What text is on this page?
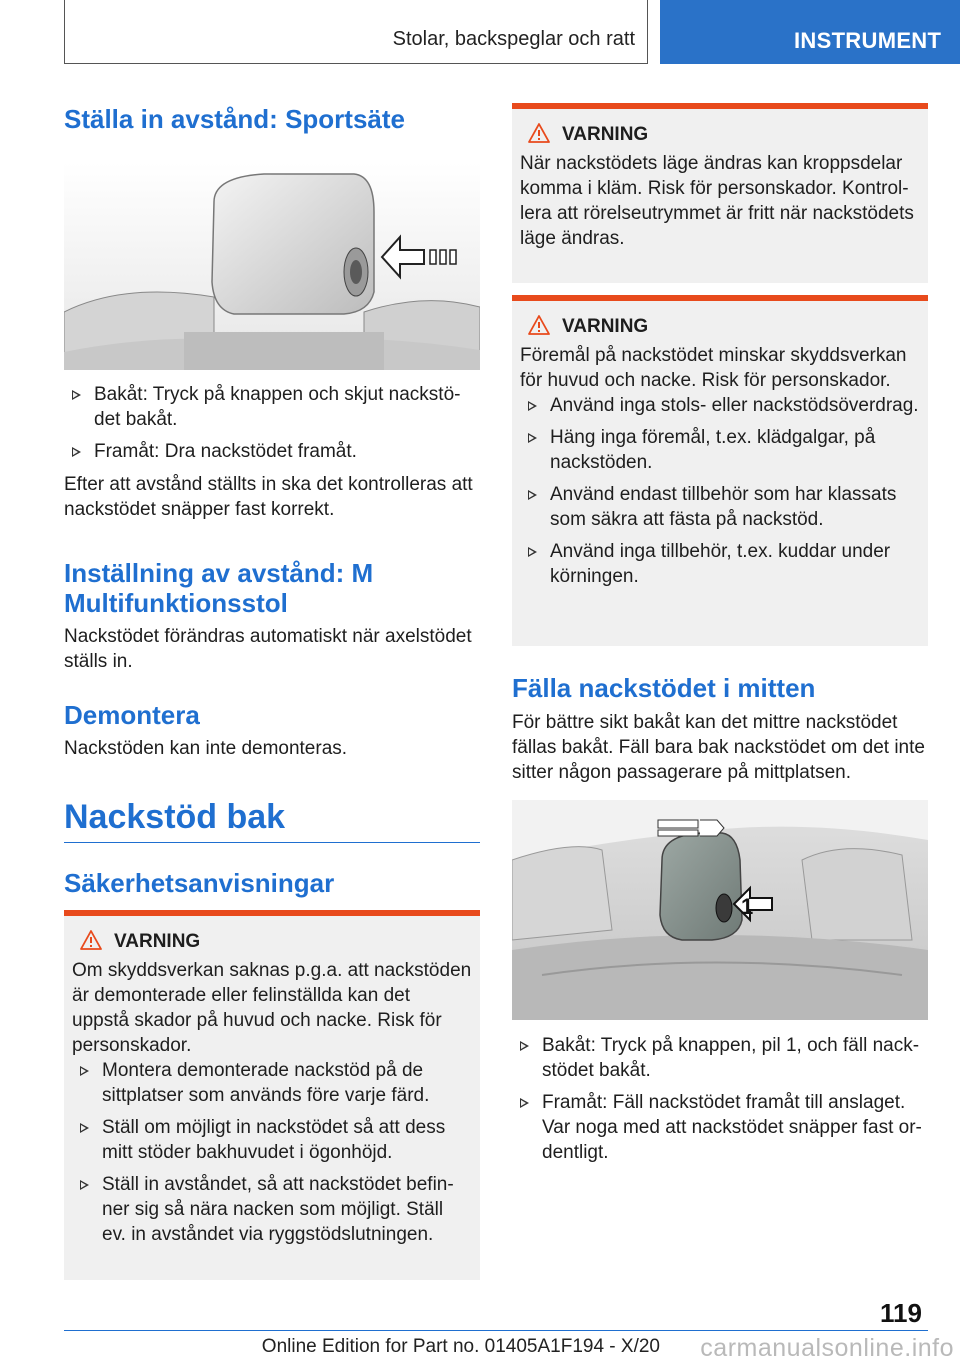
Stolar, backspeglar och ratt	INSTRUMENT
Ställa in avstånd: Sportsäte
Bakåt: Tryck på knappen och skjut nackstödet bakåt.
Framåt: Dra nackstödet framåt.

Efter att avstånd ställts in ska det kontrolleras att nackstödet snäpper fast korrekt.

Inställning av avstånd: M Multifunktionsstol

Nackstödet förändras automatiskt när axelstödet ställs in.

Demontera

Nackstöden kan inte demonteras.

Nackstöd bak
Säkerhetsanvisningar
VARNING

Om skyddsverkan saknas p.g.a. att nackstöden är demonterade eller felinställda kan det uppstå skador på huvud och nacke. Risk för personskador.

Montera demonterade nackstöd på de sittplatser som används före varje färd.
Ställ om möjligt in nackstödet så att dess mitt stöder bakhuvudet i ögonhöjd.
Ställ in avståndet, så att nackstödet befinner sig så nära nacken som möjligt. Ställ ev. in avståndet via ryggstödslutningen.
VARNING

När nackstödets läge ändras kan kroppsdelar komma i kläm. Risk för personskador. Kontrollera att rörelseutrymmet är fritt när nackstödets läge ändras.

VARNING

Föremål på nackstödet minskar skyddsverkan för huvud och nacke. Risk för personskador.

Använd inga stols- eller nackstödsöverdrag.
Häng inga föremål, t.ex. klädgalgar, på nackstöden.
Använd endast tillbehör som har klassats som säkra att fästa på nackstöd.
Använd inga tillbehör, t.ex. kuddar under körningen.
Fälla nackstödet i mitten

För bättre sikt bakåt kan det mittre nackstödet fällas bakåt. Fäll bara bak nackstödet om det inte sitter någon passagerare på mittplatsen.

1
Bakåt: Tryck på knappen, pil 1, och fäll nackstödet bakåt.
Framåt: Fäll nackstödet framåt till anslaget. Var noga med att nackstödet snäpper fast ordentligt.
119
Online Edition for Part no. 01405A1F194 - X/20 carmanualsonline.info
